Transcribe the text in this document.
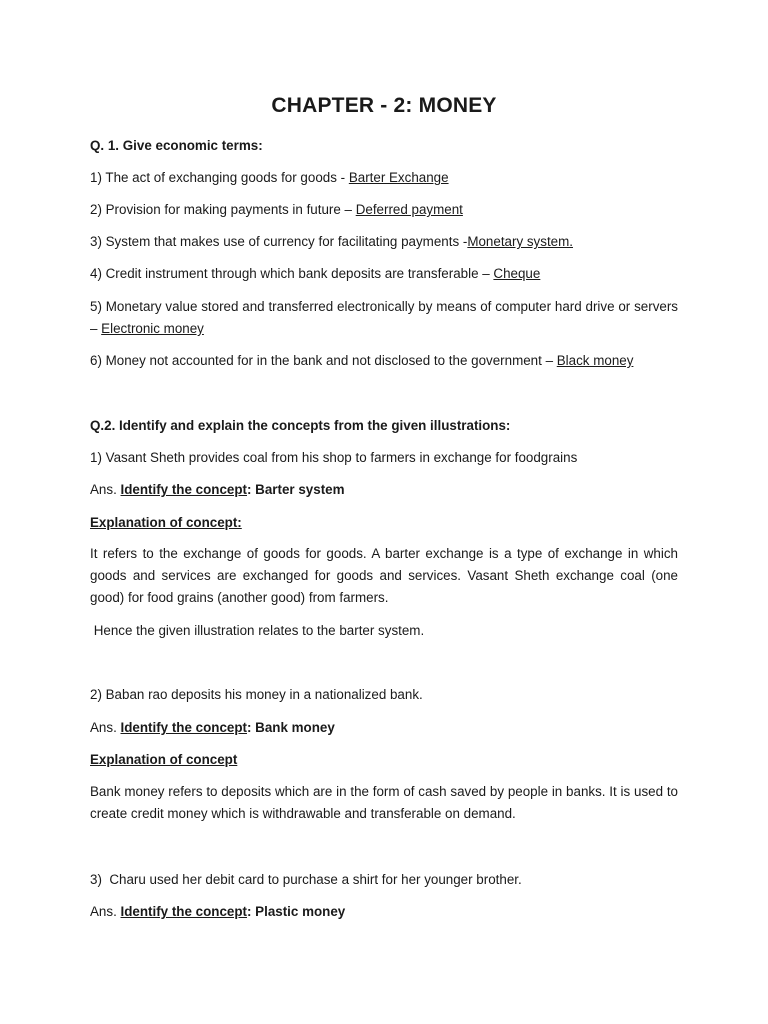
CHAPTER - 2: MONEY
Q. 1. Give economic terms:
1) The act of exchanging goods for goods - Barter Exchange
2) Provision for making payments in future – Deferred payment
3) System that makes use of currency for facilitating payments -Monetary system.
4) Credit instrument through which bank deposits are transferable – Cheque
5) Monetary value stored and transferred electronically by means of computer hard drive or servers – Electronic money
6) Money not accounted for in the bank and not disclosed to the government – Black money
Q.2. Identify and explain the concepts from the given illustrations:
1) Vasant Sheth provides coal from his shop to farmers in exchange for foodgrains
Ans. Identify the concept: Barter system
Explanation of concept:
It refers to the exchange of goods for goods. A barter exchange is a type of exchange in which goods and services are exchanged for goods and services. Vasant Sheth exchange coal (one good) for food grains (another good) from farmers.
Hence the given illustration relates to the barter system.
2) Baban rao deposits his money in a nationalized bank.
Ans. Identify the concept: Bank money
Explanation of concept
Bank money refers to deposits which are in the form of cash saved by people in banks. It is used to create credit money which is withdrawable and transferable on demand.
3)  Charu used her debit card to purchase a shirt for her younger brother.
Ans. Identify the concept: Plastic money
